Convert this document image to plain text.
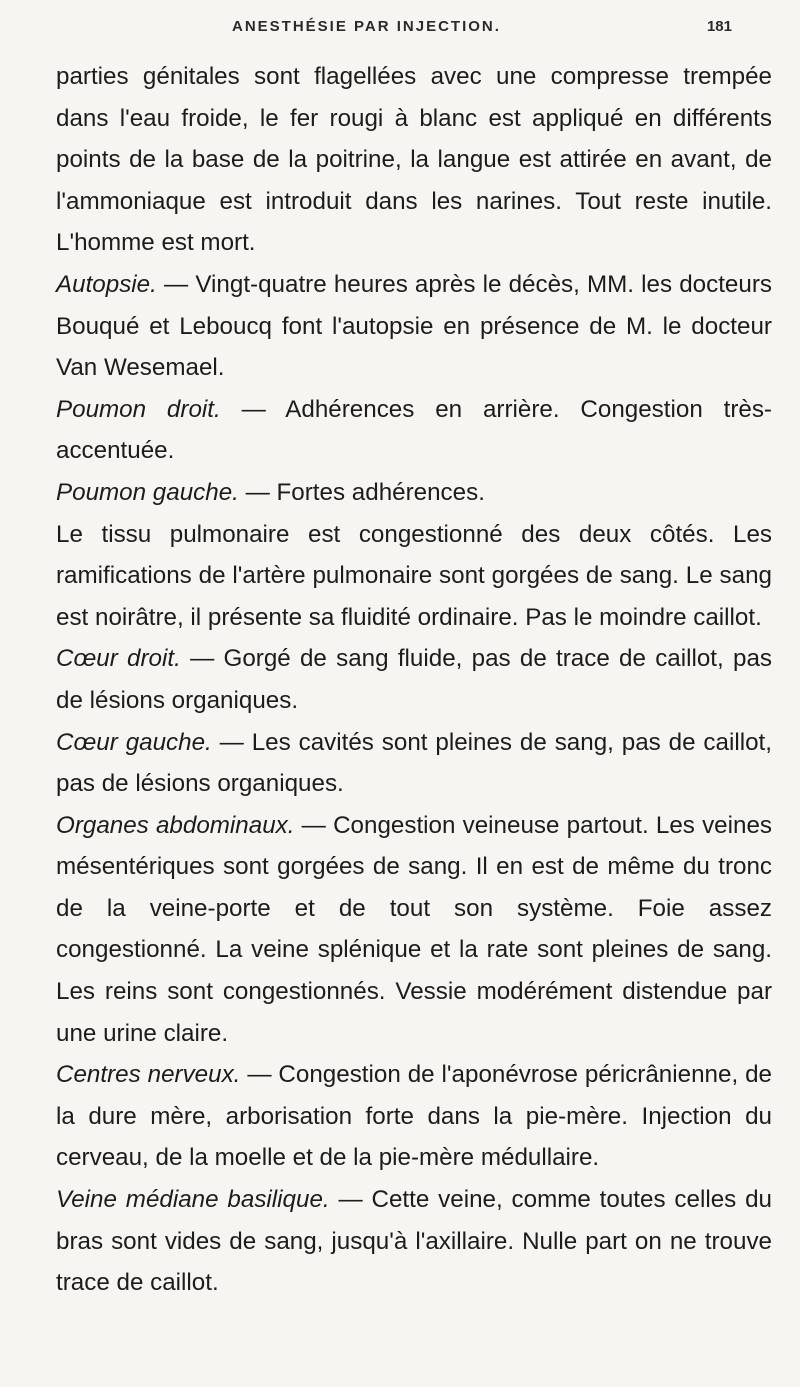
ANESTHÉSIE PAR INJECTION.	181

parties génitales sont flagellées avec une compresse trempée dans l'eau froide, le fer rougi à blanc est appliqué en différents points de la base de la poitrine, la langue est attirée en avant, de l'ammoniaque est introduit dans les narines. Tout reste inutile. L'homme est mort.

Autopsie. — Vingt-quatre heures après le décès, MM. les docteurs Bouqué et Leboucq font l'autopsie en présence de M. le docteur Van Wesemael.

Poumon droit. — Adhérences en arrière. Congestion très-accentuée.

Poumon gauche. — Fortes adhérences.

Le tissu pulmonaire est congestionné des deux côtés. Les ramifications de l'artère pulmonaire sont gorgées de sang. Le sang est noirâtre, il présente sa fluidité ordinaire. Pas le moindre caillot.

Cœur droit. — Gorgé de sang fluide, pas de trace de caillot, pas de lésions organiques.

Cœur gauche. — Les cavités sont pleines de sang, pas de caillot, pas de lésions organiques.

Organes abdominaux. — Congestion veineuse partout. Les veines mésentériques sont gorgées de sang. Il en est de même du tronc de la veine-porte et de tout son système. Foie assez congestionné. La veine splénique et la rate sont pleines de sang. Les reins sont congestionnés. Vessie modérément distendue par une urine claire.

Centres nerveux. — Congestion de l'aponévrose péricrânienne, de la dure mère, arborisation forte dans la pie-mère. Injection du cerveau, de la moelle et de la pie-mère médullaire.

Veine médiane basilique. — Cette veine, comme toutes celles du bras sont vides de sang, jusqu'à l'axillaire. Nulle part on ne trouve trace de caillot.
